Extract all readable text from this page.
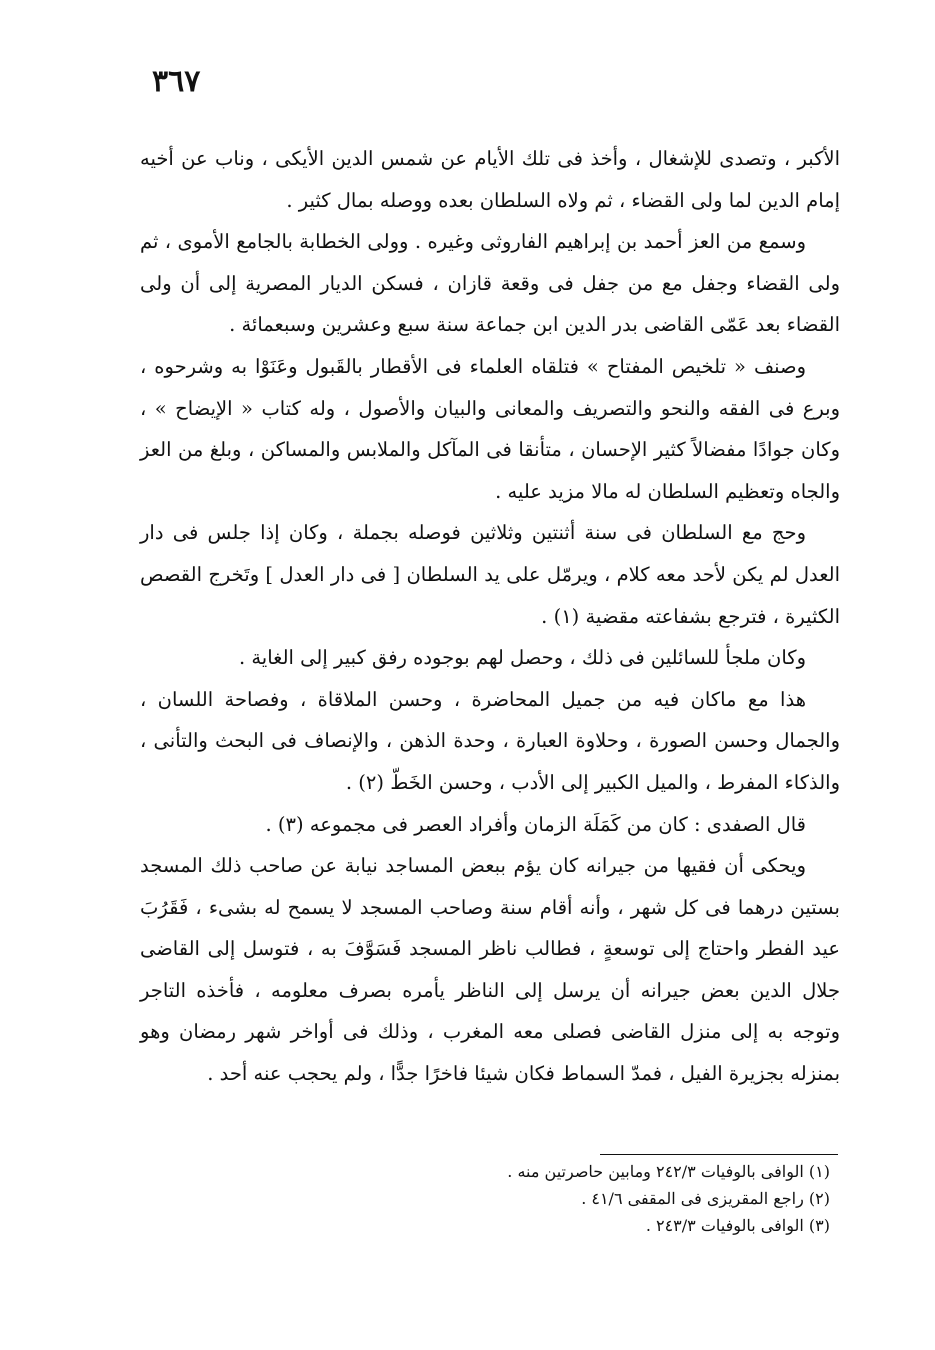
٣٦٧

الأكبر ، وتصدى للإشغال ، وأخذ فى تلك الأيام عن شمس الدين الأيكى ، وناب عن أخيه إمام الدين لما ولى القضاء ، ثم ولاه السلطان بعده ووصله بمال كثير .

وسمع من العز أحمد بن إبراهيم الفاروثى وغيره . وولى الخطابة بالجامع الأموى ، ثم ولى القضاء وجفل مع من جفل فى وقعة قازان ، فسكن الديار المصرية إلى أن ولى القضاء بعد عَمّى القاضى بدر الدين ابن جماعة سنة سبع وعشرين وسبعمائة .

وصنف « تلخيص المفتاح » فتلقاه العلماء فى الأقطار بالقَبول وعَنَوْا به وشرحوه ، وبرع فى الفقه والنحو والتصريف والمعانى والبيان والأصول ، وله كتاب « الإيضاح » ، وكان جوادًا مفضالاً كثير الإحسان ، متأنقا فى المآكل والملابس والمساكن ، وبلغ من العز والجاه وتعظيم السلطان له مالا مزيد عليه .

وحج مع السلطان فى سنة أثنتين وثلاثين فوصله بجملة ، وكان إذا جلس فى دار العدل لم يكن لأحد معه كلام ، ويرمّل على يد السلطان [ فى دار العدل ] وتَخرج القصص الكثيرة ، فترجع بشفاعته مقضية (١) .

وكان ملجأ للسائلين فى ذلك ، وحصل لهم بوجوده رفق كبير إلى الغاية .

هذا مع ماكان فيه من جميل المحاضرة ، وحسن الملاقاة ، وفصاحة اللسان ، والجمال وحسن الصورة ، وحلاوة العبارة ، وحدة الذهن ، والإنصاف فى البحث والتأنى ، والذكاء المفرط ، والميل الكبير إلى الأدب ، وحسن الخَطّ (٢) .

قال الصفدى : كان من كَمَلَة الزمان وأفراد العصر فى مجموعه (٣) .

ويحكى أن فقيها من جيرانه كان يؤم ببعض المساجد نيابة عن صاحب ذلك المسجد بستين درهما فى كل شهر ، وأنه أقام سنة وصاحب المسجد لا يسمح له بشىء ، فَقَرُبَ عيد الفطر واحتاج إلى توسعةٍ ، فطالب ناظر المسجد فَسَوَّفَ به ، فتوسل إلى القاضى جلال الدين بعض جيرانه أن يرسل إلى الناظر يأمره بصرف معلومه ، فأخذه التاجر وتوجه به إلى منزل القاضى فصلى معه المغرب ، وذلك فى أواخر شهر رمضان وهو بمنزله بجزيرة الفيل ، فمدّ السماط فكان شيئا فاخرًا جدًّا ، ولم يحجب عنه أحد .

(١) الوافى بالوفيات ٢٤٢/٣ ومابين حاصرتين منه .

(٢) راجع المقريزى فى المقفى ٤١/٦ .

(٣) الوافى بالوفيات ٢٤٣/٣ .
